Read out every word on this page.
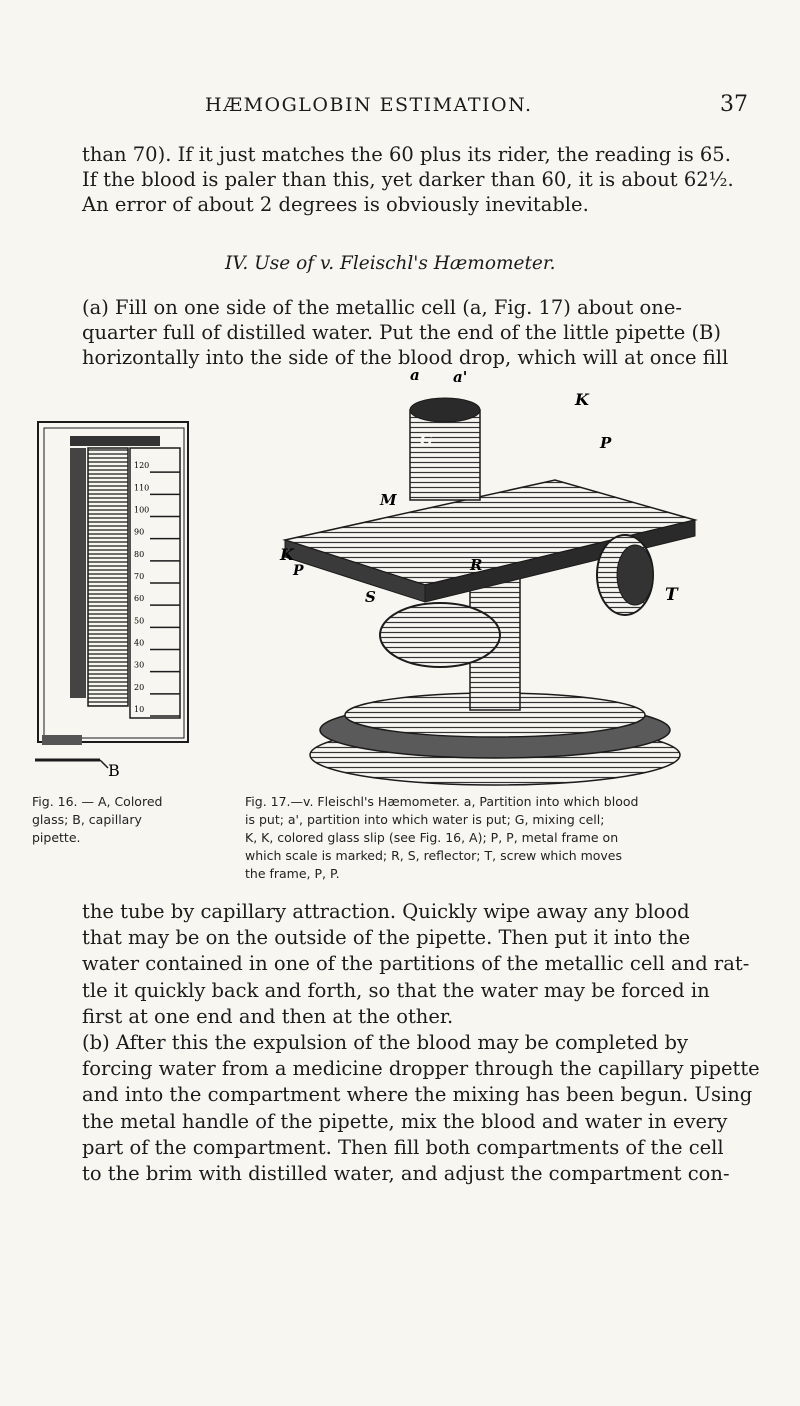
HÆMOGLOBIN ESTIMATION.	37
than 70). If it just matches the 60 plus its rider, the reading is 65.
If the blood is paler than this, yet darker than 60, it is about 62½.
An error of about 2 degrees is obviously inevitable.
IV. Use of v. Fleischl's Hæmometer.
(a) Fill on one side of the metallic cell (a, Fig. 17) about one-
quarter full of distilled water. Put the end of the little pipette (B)
horizontally into the side of the blood drop, which will at once fill
120
110
100
90
80
70
60
50
40
30
20
10
B
Fig. 16. — A, Colored
glass; B, capillary
pipette.
a a'
K
P
G
M
K
P	R
S	T
Fig. 17.—v. Fleischl's Hæmometer. a, Partition into which blood
is put; a', partition into which water is put; G, mixing cell;
K, K, colored glass slip (see Fig. 16, A); P, P, metal frame on
which scale is marked; R, S, reflector; T, screw which moves
the frame, P, P.
the tube by capillary attraction. Quickly wipe away any blood
that may be on the outside of the pipette. Then put it into the
water contained in one of the partitions of the metallic cell and rat-
tle it quickly back and forth, so that the water may be forced in
first at one end and then at the other.
(b) After this the expulsion of the blood may be completed by
forcing water from a medicine dropper through the capillary pipette
and into the compartment where the mixing has been begun. Using
the metal handle of the pipette, mix the blood and water in every
part of the compartment. Then fill both compartments of the cell
to the brim with distilled water, and adjust the compartment con-
